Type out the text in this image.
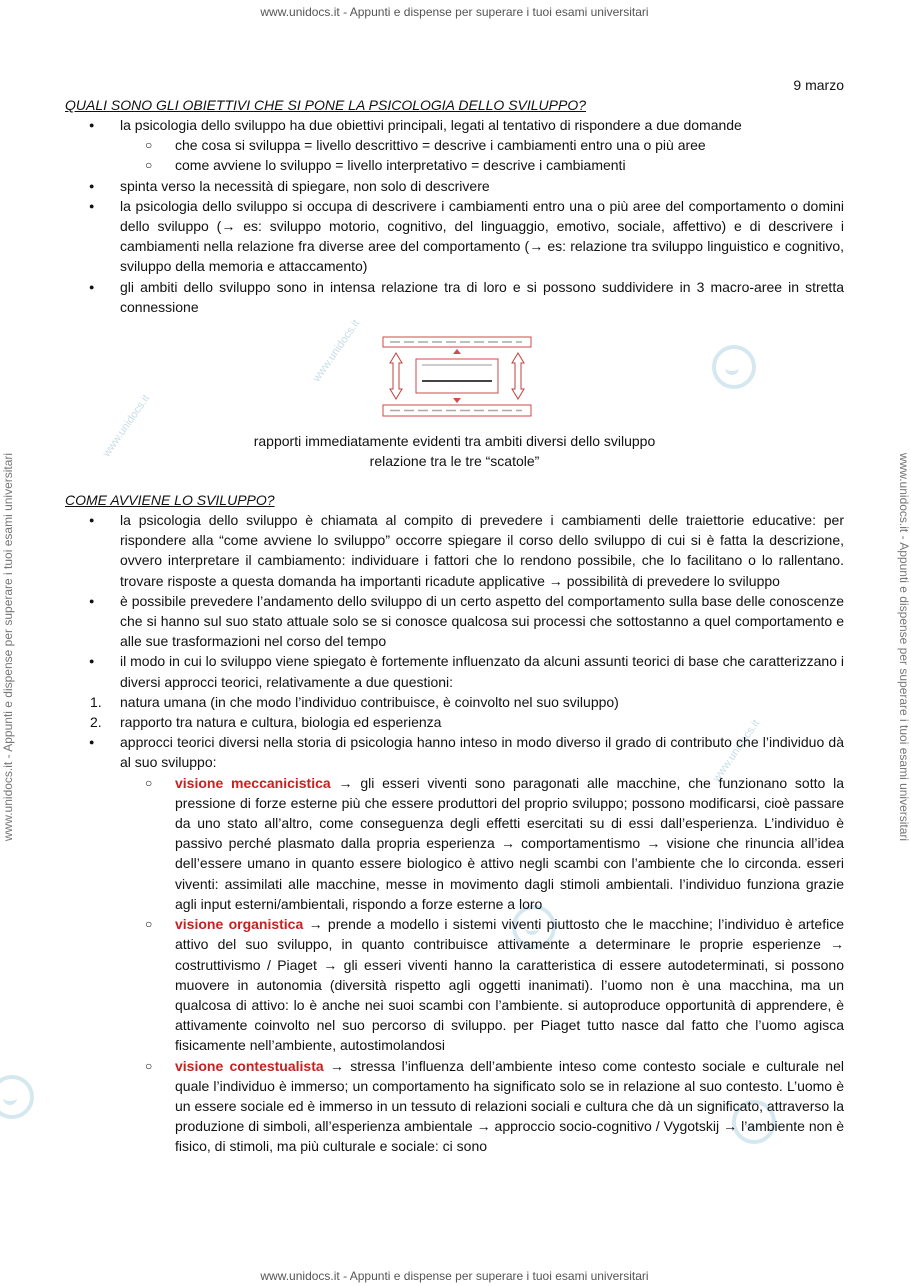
www.unidocs.it - Appunti e dispense per superare i tuoi esami universitari
www.unidocs.it - Appunti e dispense per superare i tuoi esami universitari
www.unidocs.it - Appunti e dispense per superare i tuoi esami universitari	www.unidocs.it - Appunti e dispense per superare i tuoi esami universitari
www.unidocs.it
www.unidocs.it
www.unidocs.it
9 marzo
QUALI SONO GLI OBIETTIVI CHE SI PONE LA PSICOLOGIA DELLO SVILUPPO?
● la psicologia dello sviluppo ha due obiettivi principali, legati al tentativo di rispondere a due domande
○ che cosa si sviluppa = livello descrittivo = descrive i cambiamenti entro una o più aree
○ come avviene lo sviluppo = livello interpretativo = descrive i cambiamenti
● spinta verso la necessità di spiegare, non solo di descrivere
● la psicologia dello sviluppo si occupa di descrivere i cambiamenti entro una o più aree del comportamento o domini dello sviluppo (→ es: sviluppo motorio, cognitivo, del linguaggio, emotivo, sociale, affettivo) e di descrivere i cambiamenti nella relazione fra diverse aree del comportamento (→ es: relazione tra sviluppo linguistico e cognitivo, sviluppo della memoria e attaccamento)
● gli ambiti dello sviluppo sono in intensa relazione tra di loro e si possono suddividere in 3 macro-aree in stretta connessione
rapporti immediatamente evidenti tra ambiti diversi dello sviluppo
relazione tra le tre “scatole”
COME AVVIENE LO SVILUPPO?
● la psicologia dello sviluppo è chiamata al compito di prevedere i cambiamenti delle traiettorie educative: per rispondere alla “come avviene lo sviluppo” occorre spiegare il corso dello sviluppo di cui si è fatta la descrizione, ovvero interpretare il cambiamento: individuare i fattori che lo rendono possibile, che lo facilitano o lo rallentano. trovare risposte a questa domanda ha importanti ricadute applicative → possibilità di prevedere lo sviluppo
● è possibile prevedere l’andamento dello sviluppo di un certo aspetto del comportamento sulla base delle conoscenze che si hanno sul suo stato attuale solo se si conosce qualcosa sui processi che sottostanno a quel comportamento e alle sue trasformazioni nel corso del tempo
● il modo in cui lo sviluppo viene spiegato è fortemente influenzato da alcuni assunti teorici di base che caratterizzano i diversi approcci teorici, relativamente a due questioni:
1. natura umana (in che modo l’individuo contribuisce, è coinvolto nel suo sviluppo)
2. rapporto tra natura e cultura, biologia ed esperienza
● approcci teorici diversi nella storia di psicologia hanno inteso in modo diverso il grado di contributo che l’individuo dà al suo sviluppo:
○ visione meccanicistica → gli esseri viventi sono paragonati alle macchine, che funzionano sotto la pressione di forze esterne più che essere produttori del proprio sviluppo; possono modificarsi, cioè passare da uno stato all’altro, come conseguenza degli effetti esercitati su di essi dall’esperienza. L’individuo è passivo perché plasmato dalla propria esperienza → comportamentismo → visione che rinuncia all’idea dell’essere umano in quanto essere biologico è attivo negli scambi con l’ambiente che lo circonda. esseri viventi: assimilati alle macchine, messe in movimento dagli stimoli ambientali. l’individuo funziona grazie agli input esterni/ambientali, rispondo a forze esterne a loro
○ visione organistica → prende a modello i sistemi viventi piuttosto che le macchine; l’individuo è artefice attivo del suo sviluppo, in quanto contribuisce attivamente a determinare le proprie esperienze → costruttivismo / Piaget → gli esseri viventi hanno la caratteristica di essere autodeterminati, si possono muovere in autonomia (diversità rispetto agli oggetti inanimati). l’uomo non è una macchina, ma un qualcosa di attivo: lo è anche nei suoi scambi con l’ambiente. si autoproduce opportunità di apprendere, è attivamente coinvolto nel suo percorso di sviluppo. per Piaget tutto nasce dal fatto che l’uomo agisca fisicamente nell’ambiente, autostimolandosi
○ visione contestualista → stressa l’influenza dell’ambiente inteso come contesto sociale e culturale nel quale l’individuo è immerso; un comportamento ha significato solo se in relazione al suo contesto. L’uomo è un essere sociale ed è immerso in un tessuto di relazioni sociali e cultura che dà un significato, attraverso la produzione di simboli, all’esperienza ambientale → approccio socio-cognitivo / Vygotskij → l’ambiente non è fisico, di stimoli, ma più culturale e sociale: ci sono
